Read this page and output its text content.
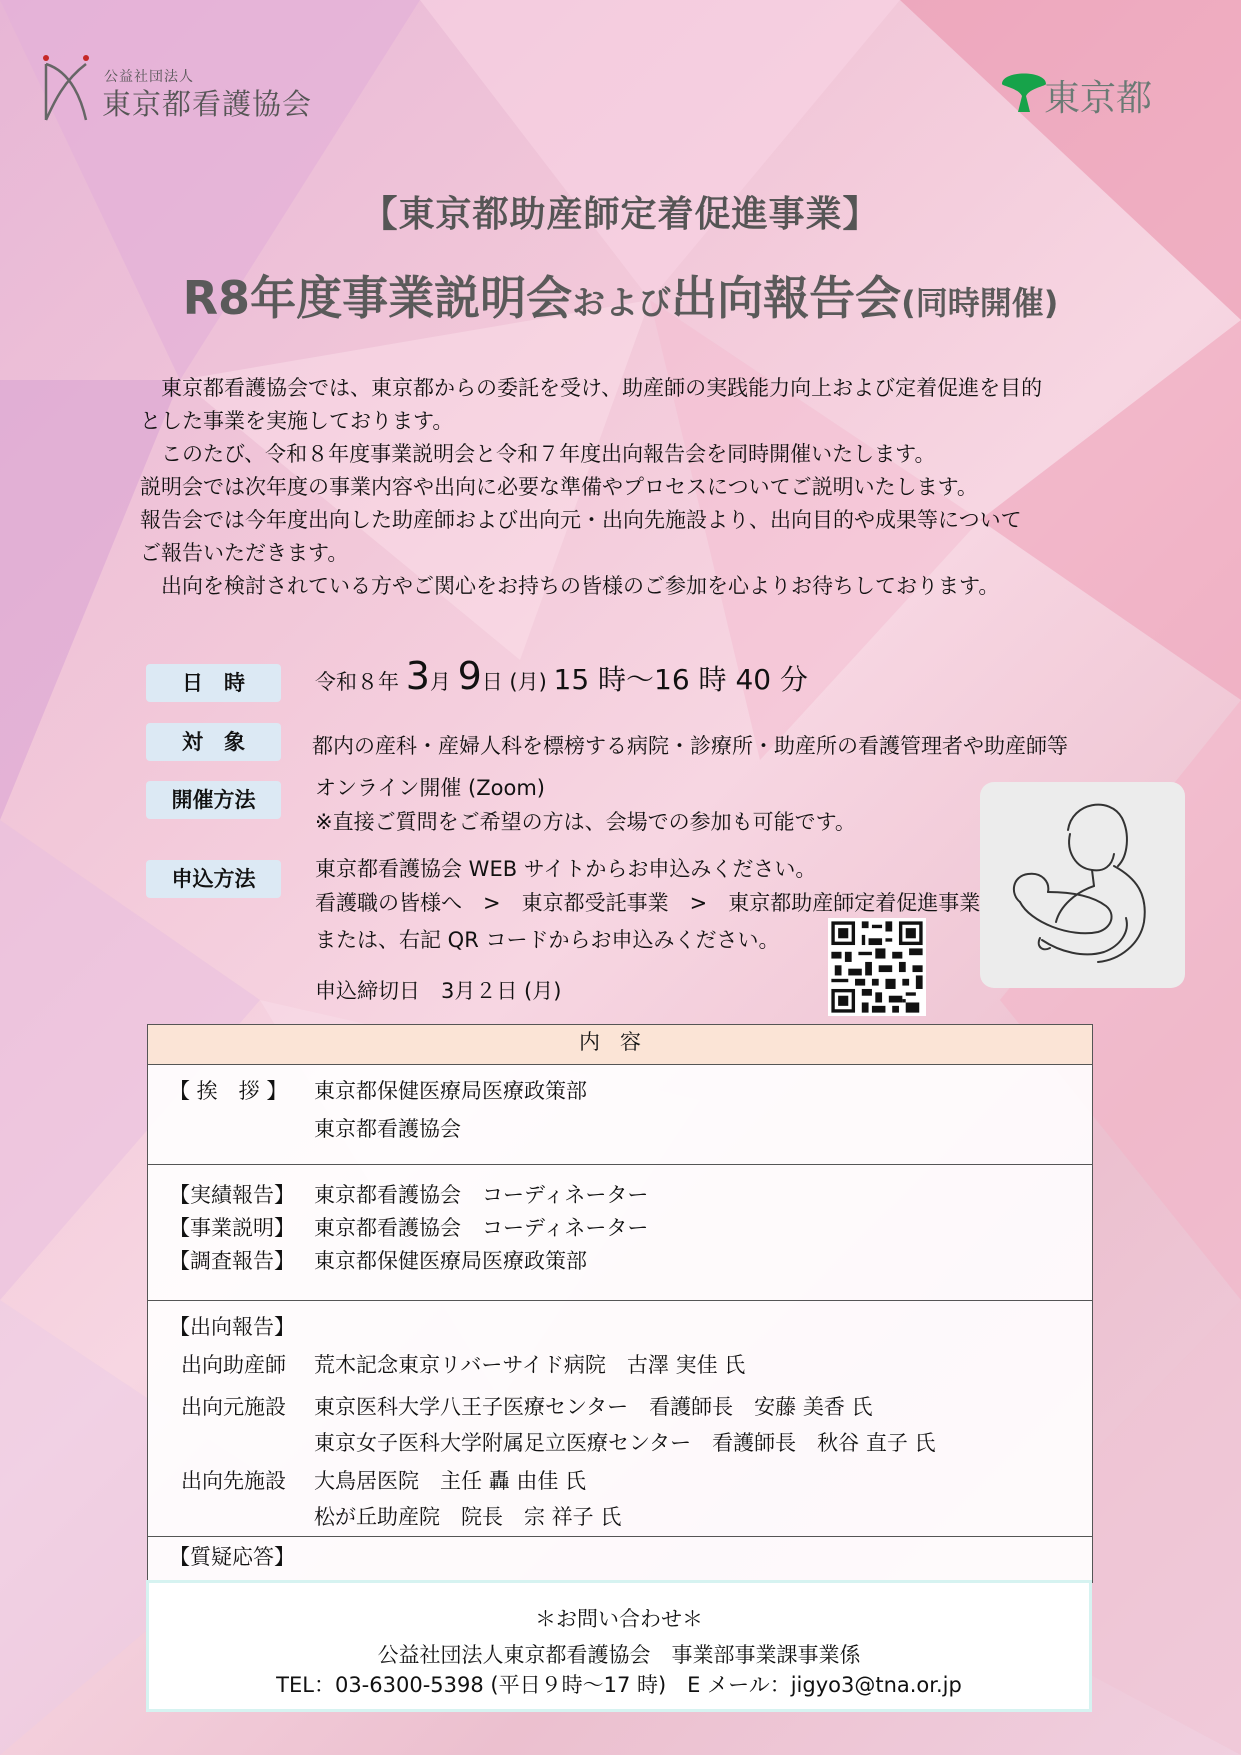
公益社団法人
東京都看護協会	東京都
【東京都助産師定着促進事業】
R8年度事業説明会および出向報告会(同時開催)

　東京都看護協会では、東京都からの委託を受け、助産師の実践能力向上および定着促進を目的

とした事業を実施しております。

　このたび、令和８年度事業説明会と令和７年度出向報告会を同時開催いたします。

説明会では次年度の事業内容や出向に必要な準備やプロセスについてご説明いたします。

報告会では今年度出向した助産師および出向元・出向先施設より、出向目的や成果等について

ご報告いただきます。

　出向を検討されている方やご関心をお持ちの皆様のご参加を心よりお待ちしております。

日　時	令和８年 3月 9日 (月) 15 時～16 時 40 分
対　象	都内の産科・産婦人科を標榜する病院・診療所・助産所の看護管理者や助産師等
開催方法	オンライン開催 (Zoom)
※直接ご質問をご希望の方は、会場での参加も可能です。
申込方法	東京都看護協会 WEB サイトからお申込みください。
看護職の皆様へ　>　東京都受託事業　>　東京都助産師定着促進事業
または、右記 QR コードからお申込みください。
申込締切日　3月２日 (月)
内容

【 挨　拶 】	東京都保健医療局医療政策部
東京都看護協会

【実績報告】 東京都看護協会　コーディネーター
【事業説明】 東京都看護協会　コーディネーター
【調査報告】 東京都保健医療局医療政策部

【出向報告】
出向助産師	荒木記念東京リバーサイド病院　古澤 実佳 氏
出向元施設	東京医科大学八王子医療センター　看護師長　安藤 美香 氏
東京女子医科大学附属足立医療センター　看護師長　秋谷 直子 氏
出向先施設	大鳥居医院　主任 轟 由佳 氏
松が丘助産院　院長　宗 祥子 氏

【質疑応答】
＊お問い合わせ＊
公益社団法人東京都看護協会　事業部事業課事業係
TEL：03-6300-5398 (平日９時～17 時)　E メール：jigyo3@tna.or.jp
